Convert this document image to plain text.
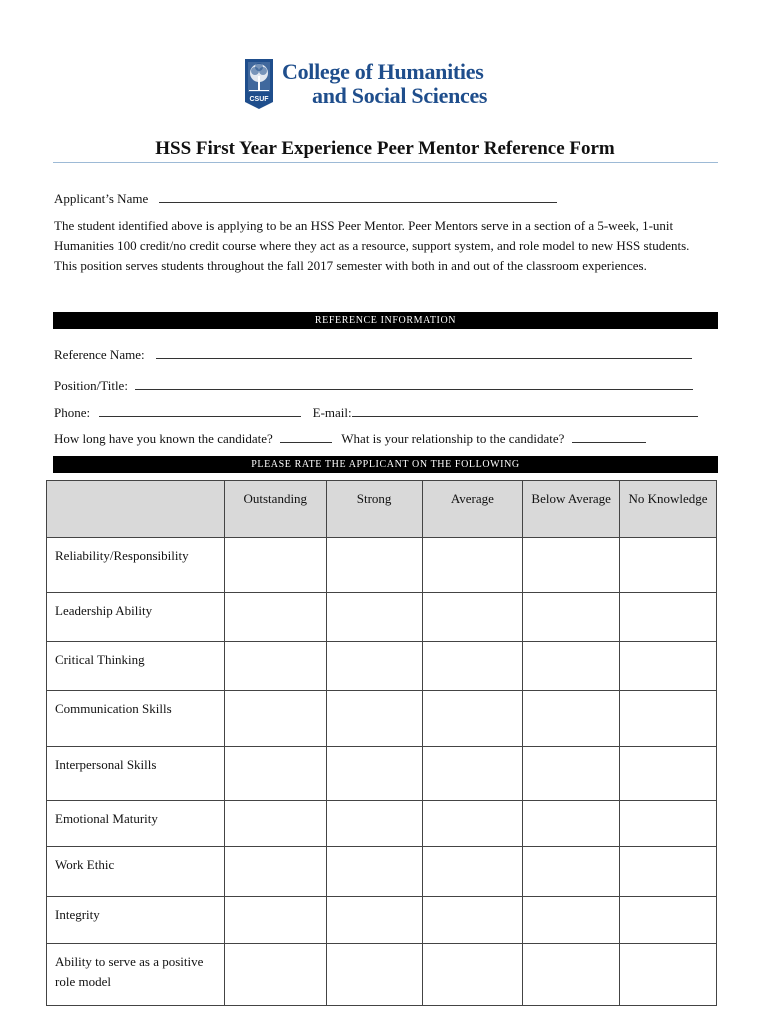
CSUF
College of Humanities
and Social Sciences
HSS First Year Experience Peer Mentor Reference Form
Applicant’s Name
The student identified above is applying to be an HSS Peer Mentor. Peer Mentors serve in a section of a 5-week, 1-unit Humanities 100 credit/no credit course where they act as a resource, support system, and role model to new HSS students. This position serves students throughout the fall 2017 semester with both in and out of the classroom experiences.
REFERENCE INFORMATION
Reference Name:
Position/Title:
Phone:	E-mail:
How long have you known the candidate?	What is your relationship to the candidate?
PLEASE RATE THE APPLICANT ON THE FOLLOWING
	Outstanding	Strong	Average	Below Average	No Knowledge
Reliability/Responsibility					
Leadership Ability					
Critical Thinking					
Communication Skills					
Interpersonal Skills					
Emotional Maturity					
Work Ethic					
Integrity					
Ability to serve as a positive role model					
